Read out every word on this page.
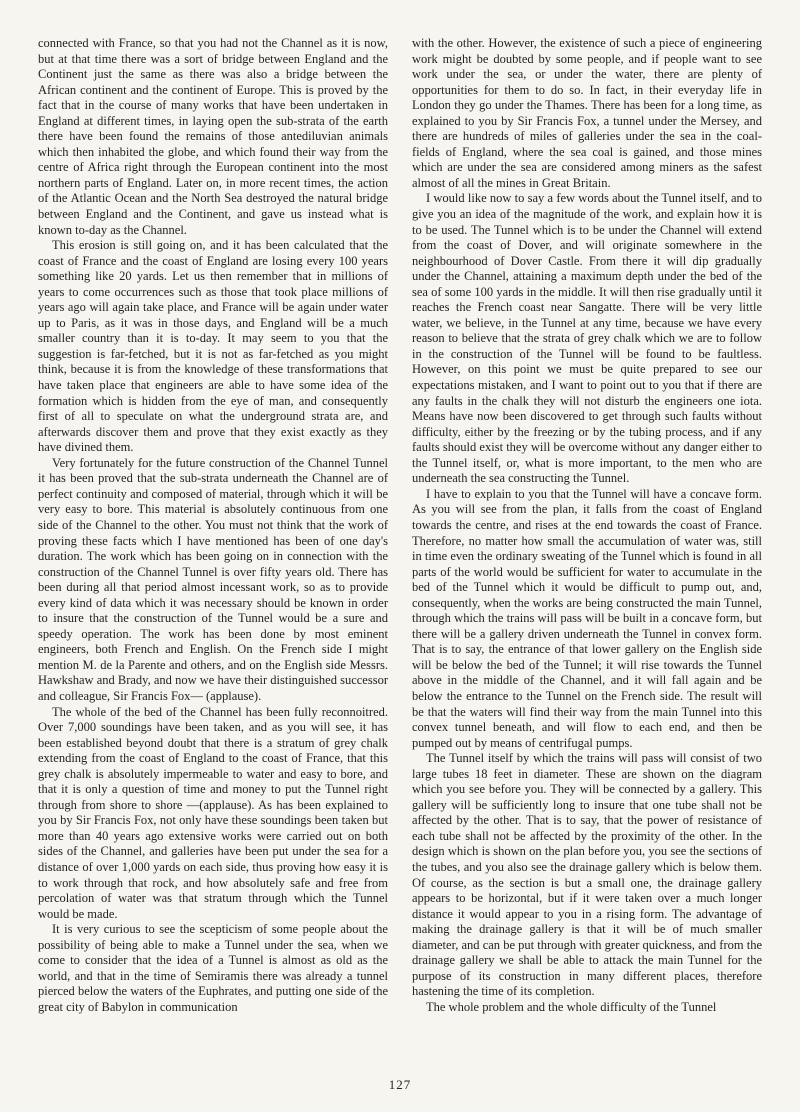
connected with France, so that you had not the Channel as it is now, but at that time there was a sort of bridge between England and the Continent just the same as there was also a bridge between the African continent and the continent of Europe. This is proved by the fact that in the course of many works that have been undertaken in England at different times, in laying open the sub-strata of the earth there have been found the remains of those antediluvian animals which then inhabited the globe, and which found their way from the centre of Africa right through the European continent into the most northern parts of England. Later on, in more recent times, the action of the Atlantic Ocean and the North Sea destroyed the natural bridge between England and the Continent, and gave us instead what is known to-day as the Channel.

This erosion is still going on, and it has been calculated that the coast of France and the coast of England are losing every 100 years something like 20 yards. Let us then remember that in millions of years to come occurrences such as those that took place millions of years ago will again take place, and France will be again under water up to Paris, as it was in those days, and England will be a much smaller country than it is to-day. It may seem to you that the suggestion is far-fetched, but it is not as far-fetched as you might think, because it is from the knowledge of these transformations that have taken place that engineers are able to have some idea of the formation which is hidden from the eye of man, and consequently first of all to speculate on what the underground strata are, and afterwards discover them and prove that they exist exactly as they have divined them.

Very fortunately for the future construction of the Channel Tunnel it has been proved that the sub-strata underneath the Channel are of perfect continuity and composed of material, through which it will be very easy to bore. This material is absolutely continuous from one side of the Channel to the other. You must not think that the work of proving these facts which I have mentioned has been of one day's duration. The work which has been going on in connection with the construction of the Channel Tunnel is over fifty years old. There has been during all that period almost incessant work, so as to provide every kind of data which it was necessary should be known in order to insure that the construction of the Tunnel would be a sure and speedy operation. The work has been done by most eminent engineers, both French and English. On the French side I might mention M. de la Parente and others, and on the English side Messrs. Hawkshaw and Brady, and now we have their distinguished successor and colleague, Sir Francis Fox— (applause).

The whole of the bed of the Channel has been fully reconnoitred. Over 7,000 soundings have been taken, and as you will see, it has been established beyond doubt that there is a stratum of grey chalk extending from the coast of England to the coast of France, that this grey chalk is absolutely impermeable to water and easy to bore, and that it is only a question of time and money to put the Tunnel right through from shore to shore —(applause). As has been explained to you by Sir Francis Fox, not only have these soundings been taken but more than 40 years ago extensive works were carried out on both sides of the Channel, and galleries have been put under the sea for a distance of over 1,000 yards on each side, thus proving how easy it is to work through that rock, and how absolutely safe and free from percolation of water was that stratum through which the Tunnel would be made.

It is very curious to see the scepticism of some people about the possibility of being able to make a Tunnel under the sea, when we come to consider that the idea of a Tunnel is almost as old as the world, and that in the time of Semiramis there was already a tunnel pierced below the waters of the Euphrates, and putting one side of the great city of Babylon in communication

with the other. However, the existence of such a piece of engineering work might be doubted by some people, and if people want to see work under the sea, or under the water, there are plenty of opportunities for them to do so. In fact, in their everyday life in London they go under the Thames. There has been for a long time, as explained to you by Sir Francis Fox, a tunnel under the Mersey, and there are hundreds of miles of galleries under the sea in the coal-fields of England, where the sea coal is gained, and those mines which are under the sea are considered among miners as the safest almost of all the mines in Great Britain.

I would like now to say a few words about the Tunnel itself, and to give you an idea of the magnitude of the work, and explain how it is to be used. The Tunnel which is to be under the Channel will extend from the coast of Dover, and will originate somewhere in the neighbourhood of Dover Castle. From there it will dip gradually under the Channel, attaining a maximum depth under the bed of the sea of some 100 yards in the middle. It will then rise gradually until it reaches the French coast near Sangatte. There will be very little water, we believe, in the Tunnel at any time, because we have every reason to believe that the strata of grey chalk which we are to follow in the construction of the Tunnel will be found to be faultless. However, on this point we must be quite prepared to see our expectations mistaken, and I want to point out to you that if there are any faults in the chalk they will not disturb the engineers one iota. Means have now been discovered to get through such faults without difficulty, either by the freezing or by the tubing process, and if any faults should exist they will be overcome without any danger either to the Tunnel itself, or, what is more important, to the men who are underneath the sea constructing the Tunnel.

I have to explain to you that the Tunnel will have a concave form. As you will see from the plan, it falls from the coast of England towards the centre, and rises at the end towards the coast of France. Therefore, no matter how small the accumulation of water was, still in time even the ordinary sweating of the Tunnel which is found in all parts of the world would be sufficient for water to accumulate in the bed of the Tunnel which it would be difficult to pump out, and, consequently, when the works are being constructed the main Tunnel, through which the trains will pass will be built in a concave form, but there will be a gallery driven underneath the Tunnel in convex form. That is to say, the entrance of that lower gallery on the English side will be below the bed of the Tunnel; it will rise towards the Tunnel above in the middle of the Channel, and it will fall again and be below the entrance to the Tunnel on the French side. The result will be that the waters will find their way from the main Tunnel into this convex tunnel beneath, and will flow to each end, and then be pumped out by means of centrifugal pumps.

The Tunnel itself by which the trains will pass will consist of two large tubes 18 feet in diameter. These are shown on the diagram which you see before you. They will be connected by a gallery. This gallery will be sufficiently long to insure that one tube shall not be affected by the other. That is to say, that the power of resistance of each tube shall not be affected by the proximity of the other. In the design which is shown on the plan before you, you see the sections of the tubes, and you also see the drainage gallery which is below them. Of course, as the section is but a small one, the drainage gallery appears to be horizontal, but if it were taken over a much longer distance it would appear to you in a rising form. The advantage of making the drainage gallery is that it will be of much smaller diameter, and can be put through with greater quickness, and from the drainage gallery we shall be able to attack the main Tunnel for the purpose of its construction in many different places, therefore hastening the time of its completion.

The whole problem and the whole difficulty of the Tunnel

127
